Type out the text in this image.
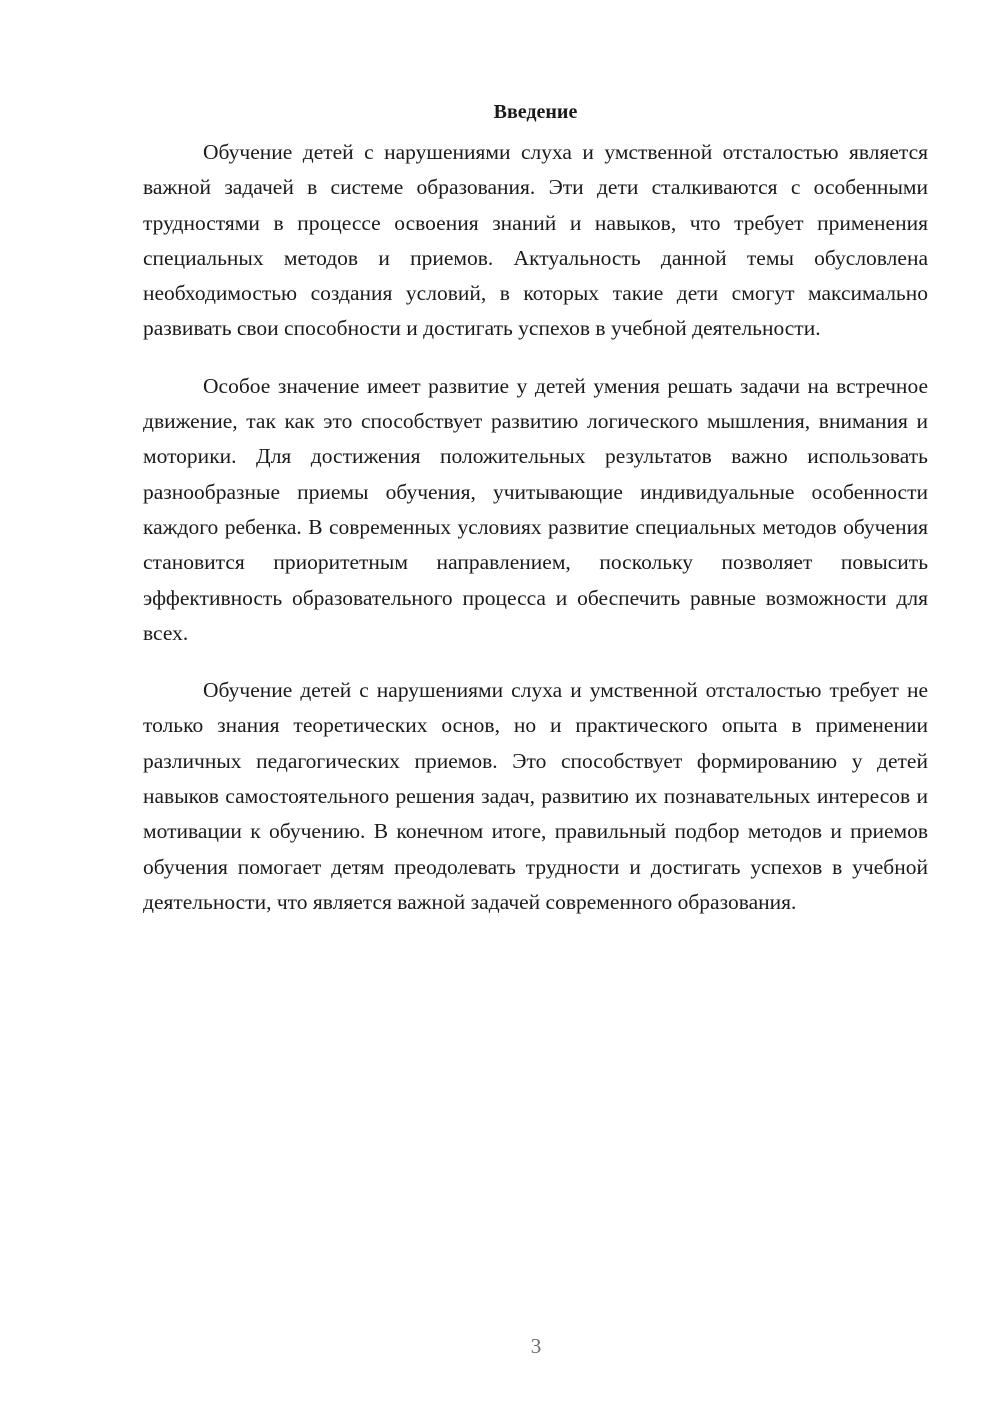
Введение

Обучение детей с нарушениями слуха и умственной отсталостью является важной задачей в системе образования. Эти дети сталкиваются с особенными трудностями в процессе освоения знаний и навыков, что требует применения специальных методов и приемов. Актуальность данной темы обусловлена необходимостью создания условий, в которых такие дети смогут максимально развивать свои способности и достигать успехов в учебной деятельности.

Особое значение имеет развитие у детей умения решать задачи на встречное движение, так как это способствует развитию логического мышления, внимания и моторики. Для достижения положительных результатов важно использовать разнообразные приемы обучения, учитывающие индивидуальные особенности каждого ребенка. В современных условиях развитие специальных методов обучения становится приоритетным направлением, поскольку позволяет повысить эффективность образовательного процесса и обеспечить равные возможности для всех.

Обучение детей с нарушениями слуха и умственной отсталостью требует не только знания теоретических основ, но и практического опыта в применении различных педагогических приемов. Это способствует формированию у детей навыков самостоятельного решения задач, развитию их познавательных интересов и мотивации к обучению. В конечном итоге, правильный подбор методов и приемов обучения помогает детям преодолевать трудности и достигать успехов в учебной деятельности, что является важной задачей современного образования.

3
